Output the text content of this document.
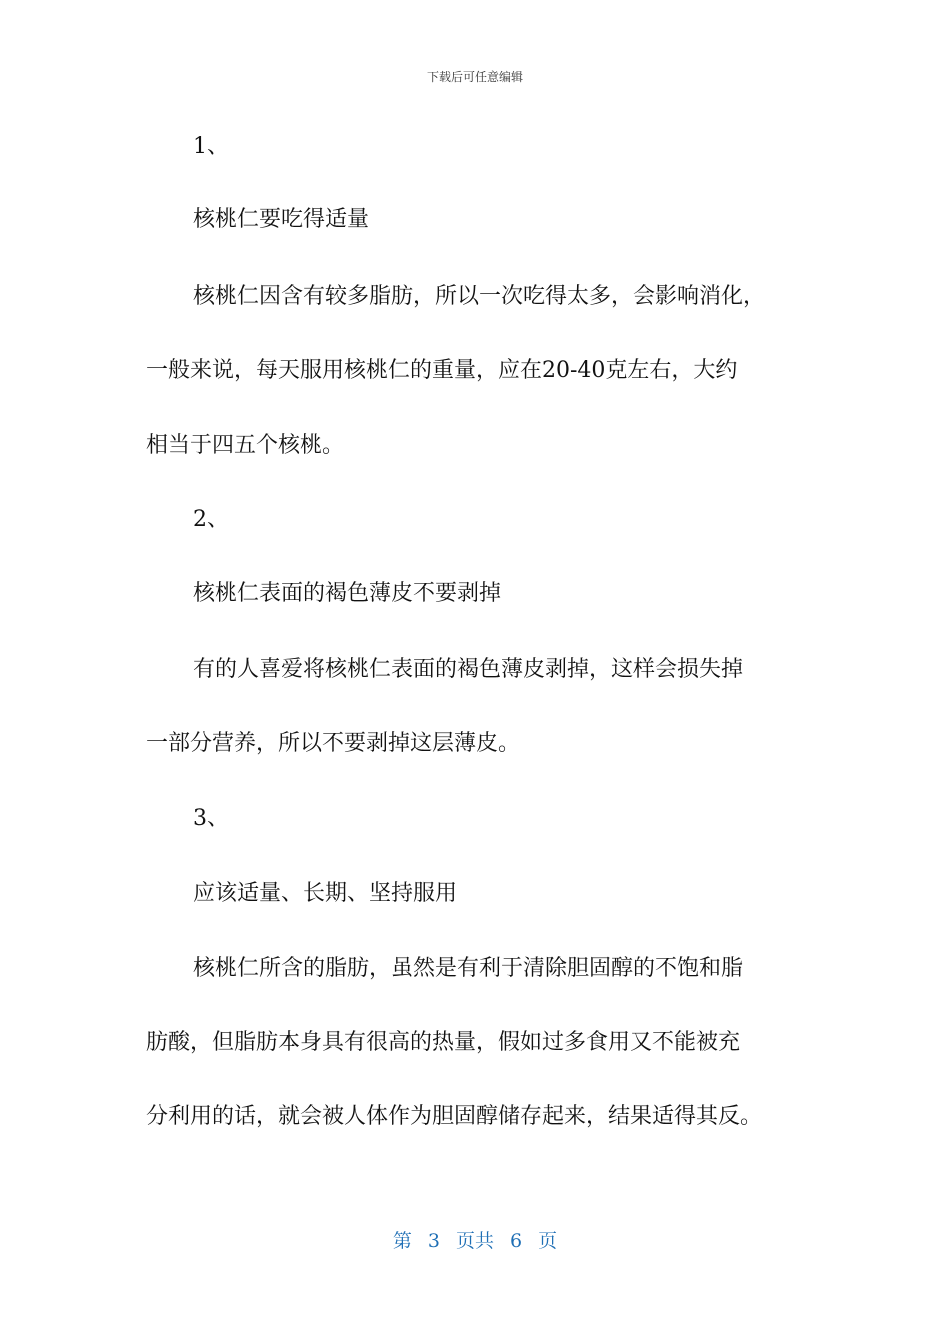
下载后可任意编辑
1、
核桃仁要吃得适量
核桃仁因含有较多脂肪，所以一次吃得太多，会影响消化，
一般来说，每天服用核桃仁的重量，应在20-40克左右，大约
相当于四五个核桃。
2、
核桃仁表面的褐色薄皮不要剥掉
有的人喜爱将核桃仁表面的褐色薄皮剥掉，这样会损失掉
一部分营养，所以不要剥掉这层薄皮。
3、
应该适量、长期、坚持服用
核桃仁所含的脂肪，虽然是有利于清除胆固醇的不饱和脂
肪酸，但脂肪本身具有很高的热量，假如过多食用又不能被充
分利用的话，就会被人体作为胆固醇储存起来，结果适得其反。
第 3 页共 6 页
